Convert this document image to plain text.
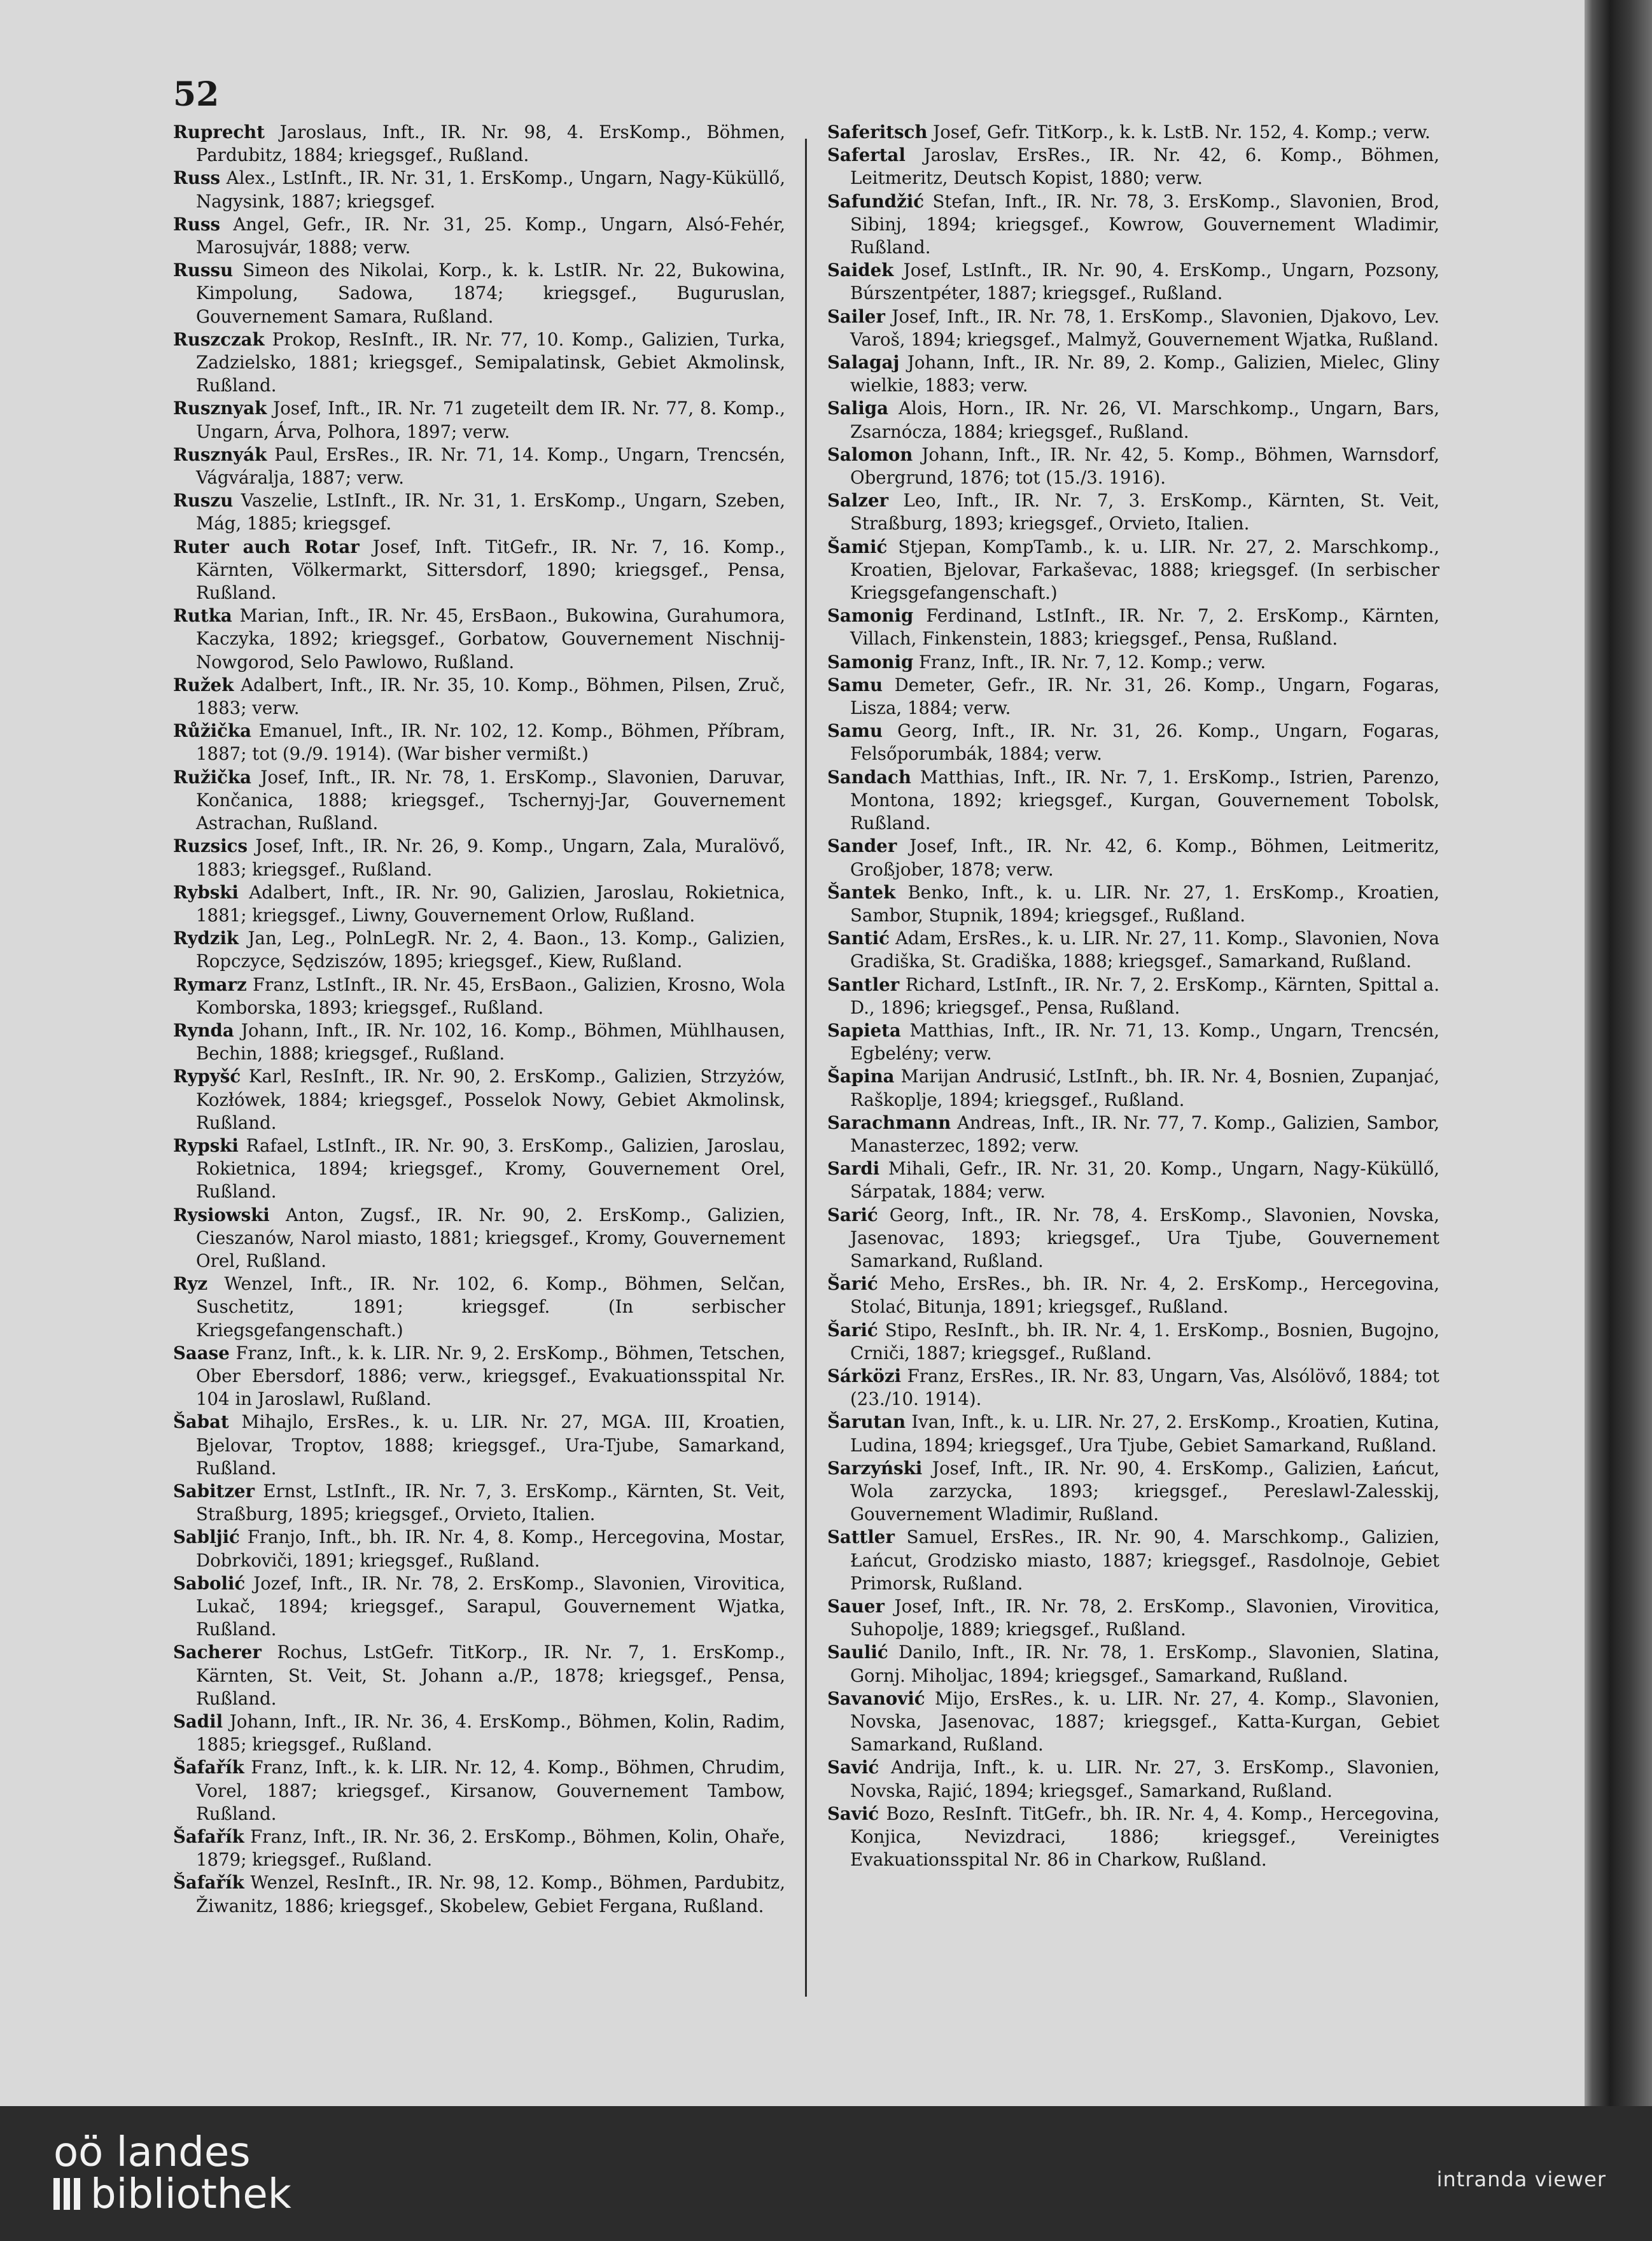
52

Ruprecht Jaroslaus, Inft., IR. Nr. 98, 4. ErsKomp., Böhmen, Pardubitz, 1884; kriegsgef., Rußland.

Russ Alex., LstInft., IR. Nr. 31, 1. ErsKomp., Ungarn, Nagy-Küküllő, Nagysink, 1887; kriegsgef.

Russ Angel, Gefr., IR. Nr. 31, 25. Komp., Ungarn, Alsó-Fehér, Marosujvár, 1888; verw.

Russu Simeon des Nikolai, Korp., k. k. LstIR. Nr. 22, Bukowina, Kimpolung, Sadowa, 1874; kriegsgef., Buguruslan, Gouvernement Samara, Rußland.

Ruszczak Prokop, ResInft., IR. Nr. 77, 10. Komp., Galizien, Turka, Zadzielsko, 1881; kriegsgef., Semipalatinsk, Gebiet Akmolinsk, Rußland.

Rusznyak Josef, Inft., IR. Nr. 71 zugeteilt dem IR. Nr. 77, 8. Komp., Ungarn, Árva, Polhora, 1897; verw.

Rusznyák Paul, ErsRes., IR. Nr. 71, 14. Komp., Ungarn, Trencsén, Vágváralja, 1887; verw.

Ruszu Vaszelie, LstInft., IR. Nr. 31, 1. ErsKomp., Ungarn, Szeben, Mág, 1885; kriegsgef.

Ruter auch Rotar Josef, Inft. TitGefr., IR. Nr. 7, 16. Komp., Kärnten, Völkermarkt, Sittersdorf, 1890; kriegsgef., Pensa, Rußland.

Rutka Marian, Inft., IR. Nr. 45, ErsBaon., Bukowina, Gurahumora, Kaczyka, 1892; kriegsgef., Gorbatow, Gouvernement Nischnij-Nowgorod, Selo Pawlowo, Rußland.

Ružek Adalbert, Inft., IR. Nr. 35, 10. Komp., Böhmen, Pilsen, Zruč, 1883; verw.

Růžička Emanuel, Inft., IR. Nr. 102, 12. Komp., Böhmen, Příbram, 1887; tot (9./9. 1914). (War bisher vermißt.)

Ružička Josef, Inft., IR. Nr. 78, 1. ErsKomp., Slavonien, Daruvar, Končanica, 1888; kriegsgef., Tschernyj-Jar, Gouvernement Astrachan, Rußland.

Ruzsics Josef, Inft., IR. Nr. 26, 9. Komp., Ungarn, Zala, Muralövő, 1883; kriegsgef., Rußland.

Rybski Adalbert, Inft., IR. Nr. 90, Galizien, Jaroslau, Rokietnica, 1881; kriegsgef., Liwny, Gouvernement Orlow, Rußland.

Rydzik Jan, Leg., PolnLegR. Nr. 2, 4. Baon., 13. Komp., Galizien, Ropczyce, Sędziszów, 1895; kriegsgef., Kiew, Rußland.

Rymarz Franz, LstInft., IR. Nr. 45, ErsBaon., Galizien, Krosno, Wola Komborska, 1893; kriegsgef., Rußland.

Rynda Johann, Inft., IR. Nr. 102, 16. Komp., Böhmen, Mühlhausen, Bechin, 1888; kriegsgef., Rußland.

Rypyšć Karl, ResInft., IR. Nr. 90, 2. ErsKomp., Galizien, Strzyżów, Kozłówek, 1884; kriegsgef., Posselok Nowy, Gebiet Akmolinsk, Rußland.

Rypski Rafael, LstInft., IR. Nr. 90, 3. ErsKomp., Galizien, Jaroslau, Rokietnica, 1894; kriegsgef., Kromy, Gouvernement Orel, Rußland.

Rysiowski Anton, Zugsf., IR. Nr. 90, 2. ErsKomp., Galizien, Cieszanów, Narol miasto, 1881; kriegsgef., Kromy, Gouvernement Orel, Rußland.

Ryz Wenzel, Inft., IR. Nr. 102, 6. Komp., Böhmen, Selčan, Suschetitz, 1891; kriegsgef. (In serbischer Kriegsgefangenschaft.)

Saase Franz, Inft., k. k. LIR. Nr. 9, 2. ErsKomp., Böhmen, Tetschen, Ober Ebersdorf, 1886; verw., kriegsgef., Evakuationsspital Nr. 104 in Jaroslawl, Rußland.

Šabat Mihajlo, ErsRes., k. u. LIR. Nr. 27, MGA. III, Kroatien, Bjelovar, Troptov, 1888; kriegsgef., Ura-Tjube, Samarkand, Rußland.

Sabitzer Ernst, LstInft., IR. Nr. 7, 3. ErsKomp., Kärnten, St. Veit, Straßburg, 1895; kriegsgef., Orvieto, Italien.

Sabljić Franjo, Inft., bh. IR. Nr. 4, 8. Komp., Hercegovina, Mostar, Dobrkoviči, 1891; kriegsgef., Rußland.

Sabolić Jozef, Inft., IR. Nr. 78, 2. ErsKomp., Slavonien, Virovitica, Lukač, 1894; kriegsgef., Sarapul, Gouvernement Wjatka, Rußland.

Sacherer Rochus, LstGefr. TitKorp., IR. Nr. 7, 1. ErsKomp., Kärnten, St. Veit, St. Johann a./P., 1878; kriegsgef., Pensa, Rußland.

Sadil Johann, Inft., IR. Nr. 36, 4. ErsKomp., Böhmen, Kolin, Radim, 1885; kriegsgef., Rußland.

Šafařík Franz, Inft., k. k. LIR. Nr. 12, 4. Komp., Böhmen, Chrudim, Vorel, 1887; kriegsgef., Kirsanow, Gouvernement Tambow, Rußland.

Šafařík Franz, Inft., IR. Nr. 36, 2. ErsKomp., Böhmen, Kolin, Ohaře, 1879; kriegsgef., Rußland.

Šafařík Wenzel, ResInft., IR. Nr. 98, 12. Komp., Böhmen, Pardubitz, Žiwanitz, 1886; kriegsgef., Skobelew, Gebiet Fergana, Rußland.

Saferitsch Josef, Gefr. TitKorp., k. k. LstB. Nr. 152, 4. Komp.; verw.

Safertal Jaroslav, ErsRes., IR. Nr. 42, 6. Komp., Böhmen, Leitmeritz, Deutsch Kopist, 1880; verw.

Safundžić Stefan, Inft., IR. Nr. 78, 3. ErsKomp., Slavonien, Brod, Sibinj, 1894; kriegsgef., Kowrow, Gouvernement Wladimir, Rußland.

Saidek Josef, LstInft., IR. Nr. 90, 4. ErsKomp., Ungarn, Pozsony, Búrszentpéter, 1887; kriegsgef., Rußland.

Sailer Josef, Inft., IR. Nr. 78, 1. ErsKomp., Slavonien, Djakovo, Lev. Varoš, 1894; kriegsgef., Malmyž, Gouvernement Wjatka, Rußland.

Salagaj Johann, Inft., IR. Nr. 89, 2. Komp., Galizien, Mielec, Gliny wielkie, 1883; verw.

Saliga Alois, Horn., IR. Nr. 26, VI. Marschkomp., Ungarn, Bars, Zsarnócza, 1884; kriegsgef., Rußland.

Salomon Johann, Inft., IR. Nr. 42, 5. Komp., Böhmen, Warnsdorf, Obergrund, 1876; tot (15./3. 1916).

Salzer Leo, Inft., IR. Nr. 7, 3. ErsKomp., Kärnten, St. Veit, Straßburg, 1893; kriegsgef., Orvieto, Italien.

Šamić Stjepan, KompTamb., k. u. LIR. Nr. 27, 2. Marschkomp., Kroatien, Bjelovar, Farkaševac, 1888; kriegsgef. (In serbischer Kriegsgefangenschaft.)

Samonig Ferdinand, LstInft., IR. Nr. 7, 2. ErsKomp., Kärnten, Villach, Finkenstein, 1883; kriegsgef., Pensa, Rußland.

Samonig Franz, Inft., IR. Nr. 7, 12. Komp.; verw.

Samu Demeter, Gefr., IR. Nr. 31, 26. Komp., Ungarn, Fogaras, Lisza, 1884; verw.

Samu Georg, Inft., IR. Nr. 31, 26. Komp., Ungarn, Fogaras, Felsőporumbák, 1884; verw.

Sandach Matthias, Inft., IR. Nr. 7, 1. ErsKomp., Istrien, Parenzo, Montona, 1892; kriegsgef., Kurgan, Gouvernement Tobolsk, Rußland.

Sander Josef, Inft., IR. Nr. 42, 6. Komp., Böhmen, Leitmeritz, Großjober, 1878; verw.

Šantek Benko, Inft., k. u. LIR. Nr. 27, 1. ErsKomp., Kroatien, Sambor, Stupnik, 1894; kriegsgef., Rußland.

Santić Adam, ErsRes., k. u. LIR. Nr. 27, 11. Komp., Slavonien, Nova Gradiška, St. Gradiška, 1888; kriegsgef., Samarkand, Rußland.

Santler Richard, LstInft., IR. Nr. 7, 2. ErsKomp., Kärnten, Spittal a. D., 1896; kriegsgef., Pensa, Rußland.

Sapieta Matthias, Inft., IR. Nr. 71, 13. Komp., Ungarn, Trencsén, Egbelény; verw.

Šapina Marijan Andrusić, LstInft., bh. IR. Nr. 4, Bosnien, Zupanjać, Raškoplje, 1894; kriegsgef., Rußland.

Sarachmann Andreas, Inft., IR. Nr. 77, 7. Komp., Galizien, Sambor, Manasterzec, 1892; verw.

Sardi Mihali, Gefr., IR. Nr. 31, 20. Komp., Ungarn, Nagy-Küküllő, Sárpatak, 1884; verw.

Sarić Georg, Inft., IR. Nr. 78, 4. ErsKomp., Slavonien, Novska, Jasenovac, 1893; kriegsgef., Ura Tjube, Gouvernement Samarkand, Rußland.

Šarić Meho, ErsRes., bh. IR. Nr. 4, 2. ErsKomp., Hercegovina, Stolać, Bitunja, 1891; kriegsgef., Rußland.

Šarić Stipo, ResInft., bh. IR. Nr. 4, 1. ErsKomp., Bosnien, Bugojno, Crniči, 1887; kriegsgef., Rußland.

Sárközi Franz, ErsRes., IR. Nr. 83, Ungarn, Vas, Alsólövő, 1884; tot (23./10. 1914).

Šarutan Ivan, Inft., k. u. LIR. Nr. 27, 2. ErsKomp., Kroatien, Kutina, Ludina, 1894; kriegsgef., Ura Tjube, Gebiet Samarkand, Rußland.

Sarzyński Josef, Inft., IR. Nr. 90, 4. ErsKomp., Galizien, Łańcut, Wola zarzycka, 1893; kriegsgef., Pereslawl-Zalesskij, Gouvernement Wladimir, Rußland.

Sattler Samuel, ErsRes., IR. Nr. 90, 4. Marschkomp., Galizien, Łańcut, Grodzisko miasto, 1887; kriegsgef., Rasdolnoje, Gebiet Primorsk, Rußland.

Sauer Josef, Inft., IR. Nr. 78, 2. ErsKomp., Slavonien, Virovitica, Suhopolje, 1889; kriegsgef., Rußland.

Saulić Danilo, Inft., IR. Nr. 78, 1. ErsKomp., Slavonien, Slatina, Gornj. Miholjac, 1894; kriegsgef., Samarkand, Rußland.

Savanović Mijo, ErsRes., k. u. LIR. Nr. 27, 4. Komp., Slavonien, Novska, Jasenovac, 1887; kriegsgef., Katta-Kurgan, Gebiet Samarkand, Rußland.

Savić Andrija, Inft., k. u. LIR. Nr. 27, 3. ErsKomp., Slavonien, Novska, Rajić, 1894; kriegsgef., Samarkand, Rußland.

Savić Bozo, ResInft. TitGefr., bh. IR. Nr. 4, 4. Komp., Hercegovina, Konjica, Nevizdraci, 1886; kriegsgef., Vereinigtes Evakuationsspital Nr. 86 in Charkow, Rußland.

oö landes
bibliothek	intranda viewer
